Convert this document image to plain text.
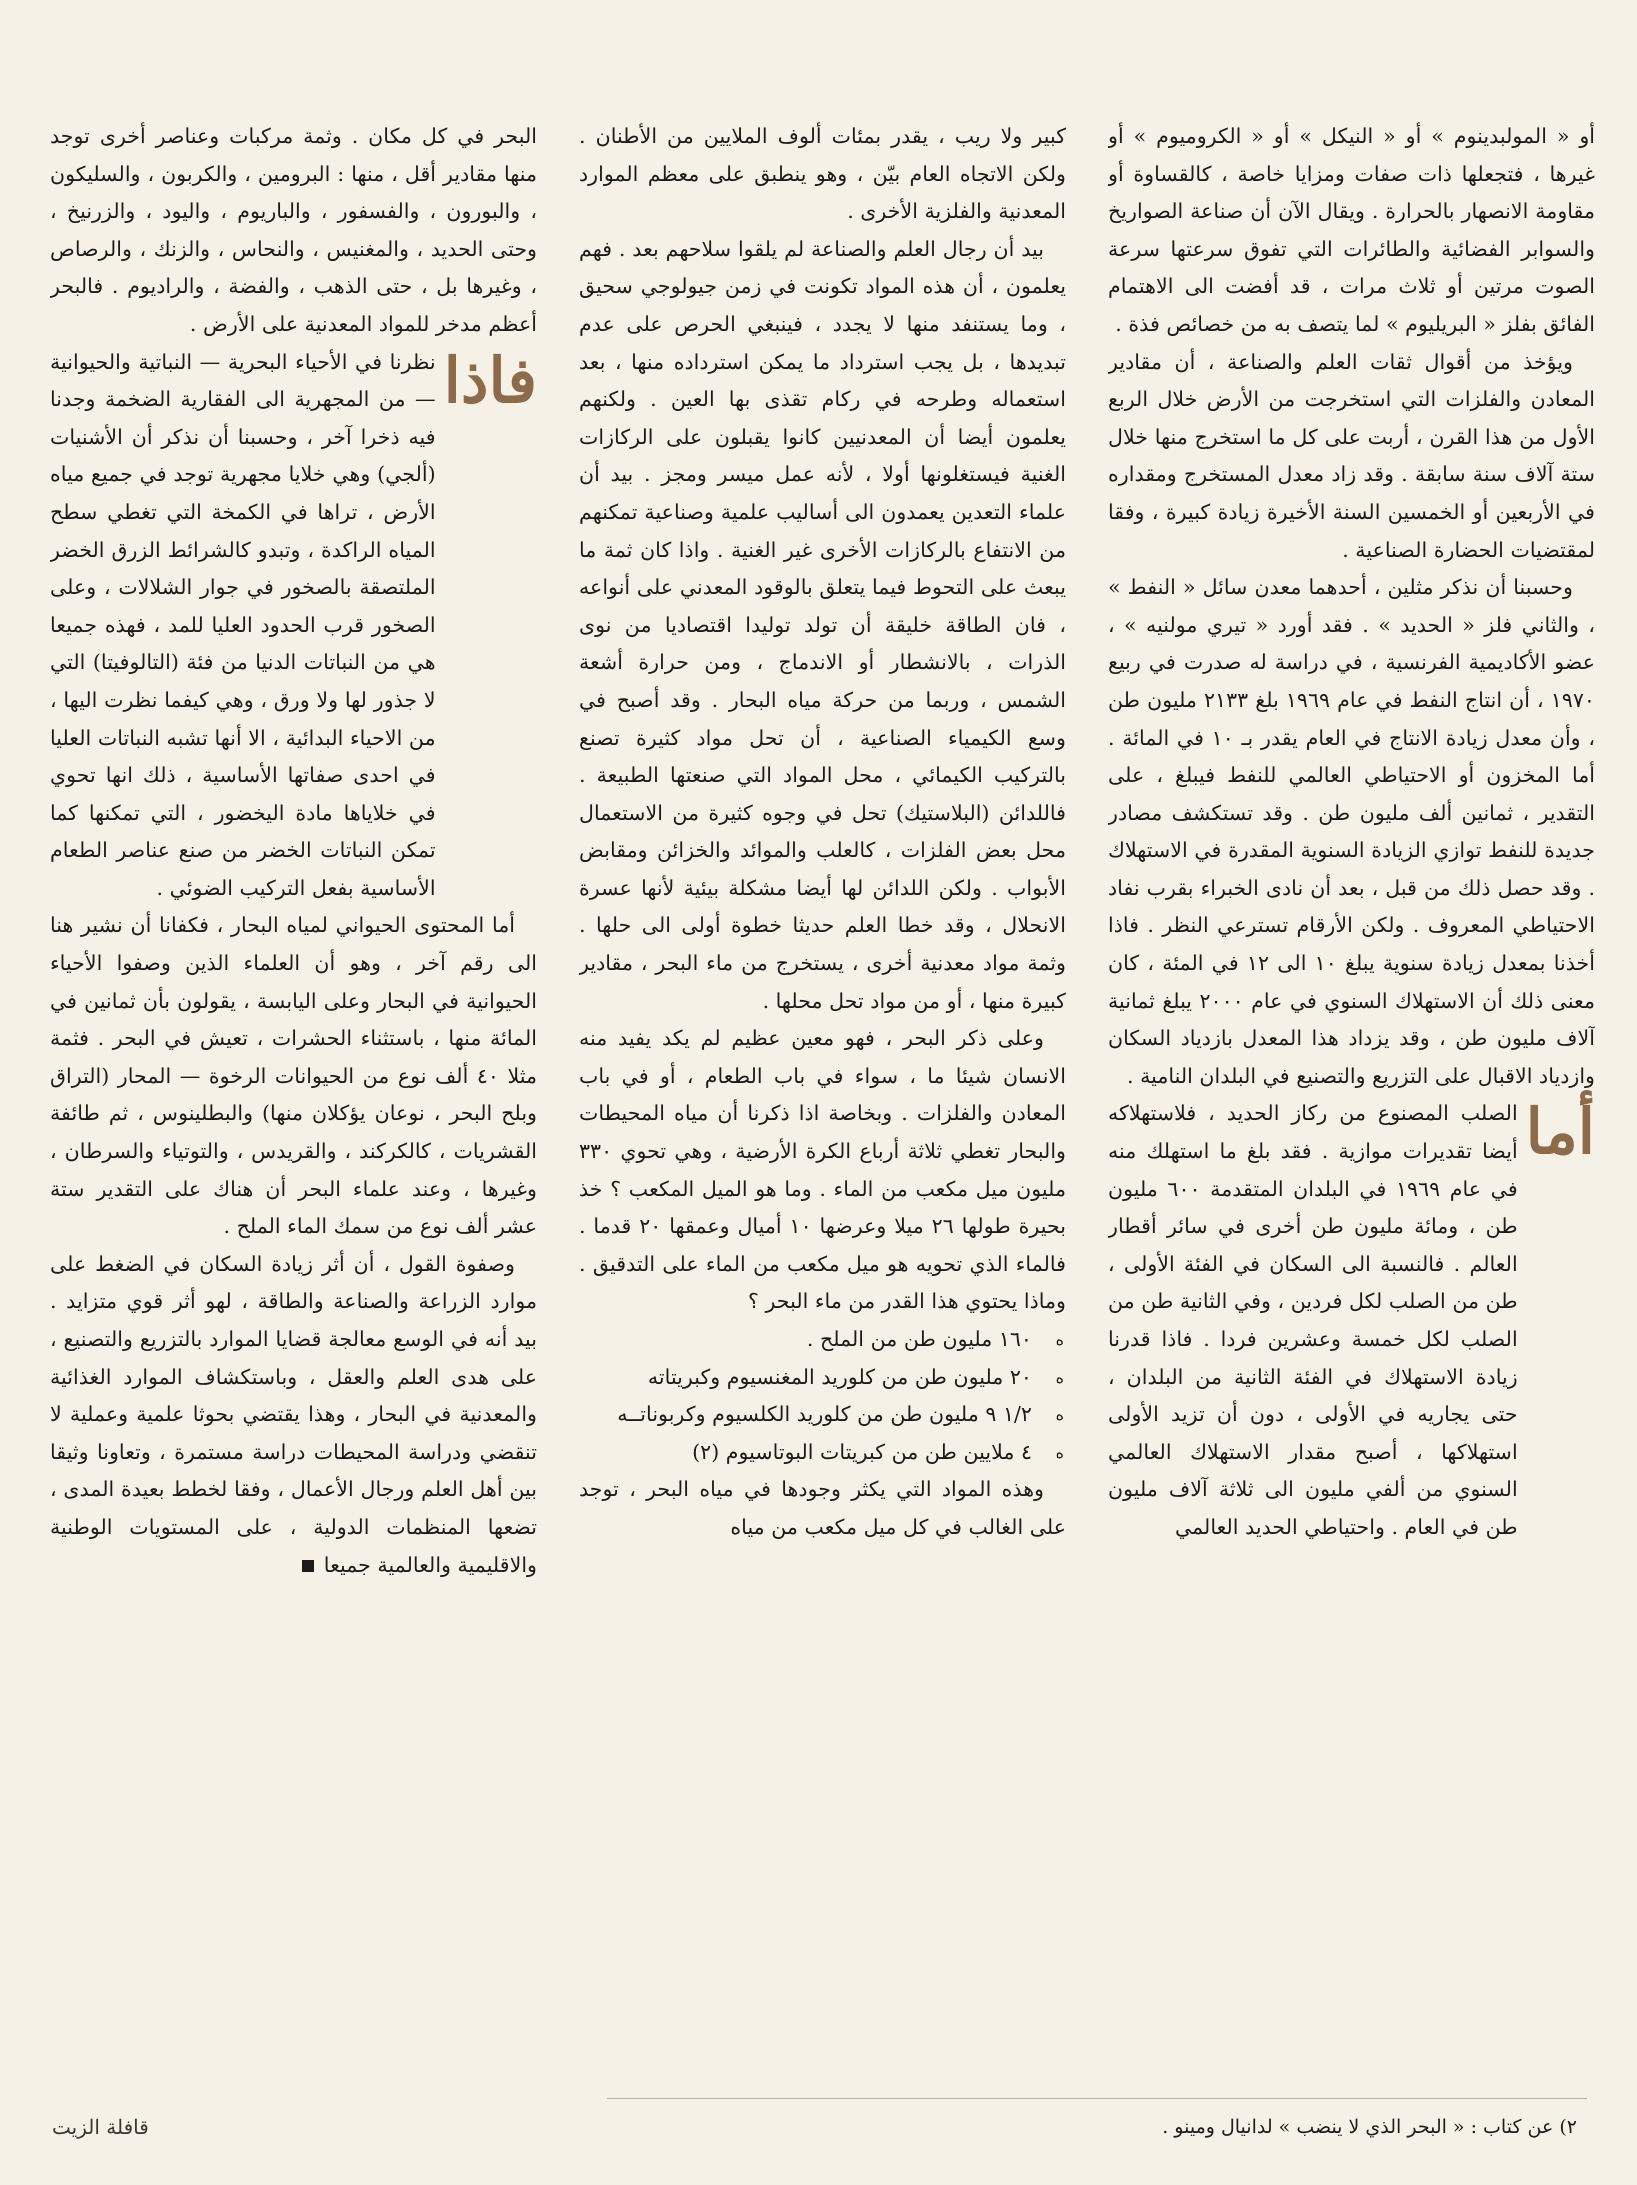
أو « المولبدينوم » أو « النيكل » أو « الكروميوم » أو غيرها ، فتجعلها ذات صفات ومزايا خاصة ، كالقساوة أو مقاومة الانصهار بالحرارة . ويقال الآن أن صناعة الصواريخ والسوابر الفضائية والطائرات التي تفوق سرعتها سرعة الصوت مرتين أو ثلاث مرات ، قد أفضت الى الاهتمام الفائق بفلز « البريليوم » لما يتصف به من خصائص فذة .

ويؤخذ من أقوال ثقات العلم والصناعة ، أن مقادير المعادن والفلزات التي استخرجت من الأرض خلال الربع الأول من هذا القرن ، أربت على كل ما استخرج منها خلال ستة آلاف سنة سابقة . وقد زاد معدل المستخرج ومقداره في الأربعين أو الخمسين السنة الأخيرة زيادة كبيرة ، وفقا لمقتضيات الحضارة الصناعية .

وحسبنا أن نذكر مثلين ، أحدهما معدن سائل « النفط » ، والثاني فلز « الحديد » . فقد أورد « تيري مولنيه » ، عضو الأكاديمية الفرنسية ، في دراسة له صدرت في ربيع ١٩٧٠ ، أن انتاج النفط في عام ١٩٦٩ بلغ ٢١٣٣ مليون طن ، وأن معدل زيادة الانتاج في العام يقدر بـ ١٠ في المائة . أما المخزون أو الاحتياطي العالمي للنفط فيبلغ ، على التقدير ، ثمانين ألف مليون طن . وقد تستكشف مصادر جديدة للنفط توازي الزيادة السنوية المقدرة في الاستهلاك . وقد حصل ذلك من قبل ، بعد أن نادى الخبراء بقرب نفاد الاحتياطي المعروف . ولكن الأرقام تسترعي النظر . فاذا أخذنا بمعدل زيادة سنوية يبلغ ١٠ الى ١٢ في المئة ، كان معنى ذلك أن الاستهلاك السنوي في عام ٢٠٠٠ يبلغ ثمانية آلاف مليون طن ، وقد يزداد هذا المعدل بازدياد السكان وازدياد الاقبال على التزريع والتصنيع في البلدان النامية .

أما

الصلب المصنوع من ركاز الحديد ، فلاستهلاكه أيضا تقديرات موازية . فقد بلغ ما استهلك منه في عام ١٩٦٩ في البلدان المتقدمة ٦٠٠ مليون طن ، ومائة مليون طن أخرى في سائر أقطار العالم . فالنسبة الى السكان في الفئة الأولى ، طن من الصلب لكل فردين ، وفي الثانية طن من الصلب لكل خمسة وعشرين فردا . فاذا قدرنا زيادة الاستهلاك في الفئة الثانية من البلدان ، حتى يجاريه في الأولى ، دون أن تزيد الأولى استهلاكها ، أصبح مقدار الاستهلاك العالمي السنوي من ألفي مليون الى ثلاثة آلاف مليون طن في العام . واحتياطي الحديد العالمي

كبير ولا ريب ، يقدر بمئات ألوف الملايين من الأطنان . ولكن الاتجاه العام بيّن ، وهو ينطبق على معظم الموارد المعدنية والفلزية الأخرى .

بيد أن رجال العلم والصناعة لم يلقوا سلاحهم بعد . فهم يعلمون ، أن هذه المواد تكونت في زمن جيولوجي سحيق ، وما يستنفد منها لا يجدد ، فينبغي الحرص على عدم تبديدها ، بل يجب استرداد ما يمكن استرداده منها ، بعد استعماله وطرحه في ركام تقذى بها العين . ولكنهم يعلمون أيضا أن المعدنيين كانوا يقبلون على الركازات الغنية فيستغلونها أولا ، لأنه عمل ميسر ومجز . بيد أن علماء التعدين يعمدون الى أساليب علمية وصناعية تمكنهم من الانتفاع بالركازات الأخرى غير الغنية . واذا كان ثمة ما يبعث على التحوط فيما يتعلق بالوقود المعدني على أنواعه ، فان الطاقة خليقة أن تولد توليدا اقتصاديا من نوى الذرات ، بالانشطار أو الاندماج ، ومن حرارة أشعة الشمس ، وربما من حركة مياه البحار . وقد أصبح في وسع الكيمياء الصناعية ، أن تحل مواد كثيرة تصنع بالتركيب الكيمائي ، محل المواد التي صنعتها الطبيعة . فاللدائن (البلاستيك) تحل في وجوه كثيرة من الاستعمال محل بعض الفلزات ، كالعلب والموائد والخزائن ومقابض الأبواب . ولكن اللدائن لها أيضا مشكلة بيئية لأنها عسرة الانحلال ، وقد خطا العلم حديثا خطوة أولى الى حلها . وثمة مواد معدنية أخرى ، يستخرج من ماء البحر ، مقادير كبيرة منها ، أو من مواد تحل محلها .

وعلى ذكر البحر ، فهو معين عظيم لم يكد يفيد منه الانسان شيئا ما ، سواء في باب الطعام ، أو في باب المعادن والفلزات . وبخاصة اذا ذكرنا أن مياه المحيطات والبحار تغطي ثلاثة أرباع الكرة الأرضية ، وهي تحوي ٣٣٠ مليون ميل مكعب من الماء . وما هو الميل المكعب ؟ خذ بحيرة طولها ٢٦ ميلا وعرضها ١٠ أميال وعمقها ٢٠ قدما . فالماء الذي تحويه هو ميل مكعب من الماء على التدقيق . وماذا يحتوي هذا القدر من ماء البحر ؟

ه
١٦٠ مليون طن من الملح .
ه
٢٠ مليون طن من كلوريد المغنسيوم وكبريتاته
ه
١/٢ ٩ مليون طن من كلوريد الكلسيوم وكربوناتــه
ه
٤ ملايين طن من كبريتات البوتاسيوم (٢)

وهذه المواد التي يكثر وجودها في مياه البحر ، توجد على الغالب في كل ميل مكعب من مياه

البحر في كل مكان . وثمة مركبات وعناصر أخرى توجد منها مقادير أقل ، منها : البرومين ، والكربون ، والسليكون ، والبورون ، والفسفور ، والباريوم ، واليود ، والزرنيخ ، وحتى الحديد ، والمغنيس ، والنحاس ، والزنك ، والرصاص ، وغيرها بل ، حتى الذهب ، والفضة ، والراديوم . فالبحر أعظم مدخر للمواد المعدنية على الأرض .

فاذا

نظرنا في الأحياء البحرية — النباتية والحيوانية — من المجهرية الى الفقارية الضخمة وجدنا فيه ذخرا آخر ، وحسبنا أن نذكر أن الأشنيات (ألجي) وهي خلايا مجهرية توجد في جميع مياه الأرض ، تراها في الكمخة التي تغطي سطح المياه الراكدة ، وتبدو كالشرائط الزرق الخضر الملتصقة بالصخور في جوار الشلالات ، وعلى الصخور قرب الحدود العليا للمد ، فهذه جميعا هي من النباتات الدنيا من فئة (التالوفيتا) التي لا جذور لها ولا ورق ، وهي كيفما نظرت اليها ، من الاحياء البدائية ، الا أنها تشبه النباتات العليا في احدى صفاتها الأساسية ، ذلك انها تحوي في خلاياها مادة اليخضور ، التي تمكنها كما تمكن النباتات الخضر من صنع عناصر الطعام الأساسية بفعل التركيب الضوئي .

أما المحتوى الحيواني لمياه البحار ، فكفانا أن نشير هنا الى رقم آخر ، وهو أن العلماء الذين وصفوا الأحياء الحيوانية في البحار وعلى اليابسة ، يقولون بأن ثمانين في المائة منها ، باستثناء الحشرات ، تعيش في البحر . فثمة مثلا ٤٠ ألف نوع من الحيوانات الرخوة — المحار (التراق وبلح البحر ، نوعان يؤكلان منها) والبطلينوس ، ثم طائفة القشريات ، كالكركند ، والقريدس ، والتوتياء والسرطان ، وغيرها ، وعند علماء البحر أن هناك على التقدير ستة عشر ألف نوع من سمك الماء الملح .

وصفوة القول ، أن أثر زيادة السكان في الضغط على موارد الزراعة والصناعة والطاقة ، لهو أثر قوي متزايد . بيد أنه في الوسع معالجة قضايا الموارد بالتزريع والتصنيع ، على هدى العلم والعقل ، وباستكشاف الموارد الغذائية والمعدنية في البحار ، وهذا يقتضي بحوثا علمية وعملية لا تنقضي ودراسة المحيطات دراسة مستمرة ، وتعاونا وثيقا بين أهل العلم ورجال الأعمال ، وفقا لخطط بعيدة المدى ، تضعها المنظمات الدولية ، على المستويات الوطنية والاقليمية والعالمية جميعا

٢) عن كتاب : « البحر الذي لا ينضب » لدانيال ومينو .
قافلة الزيت
